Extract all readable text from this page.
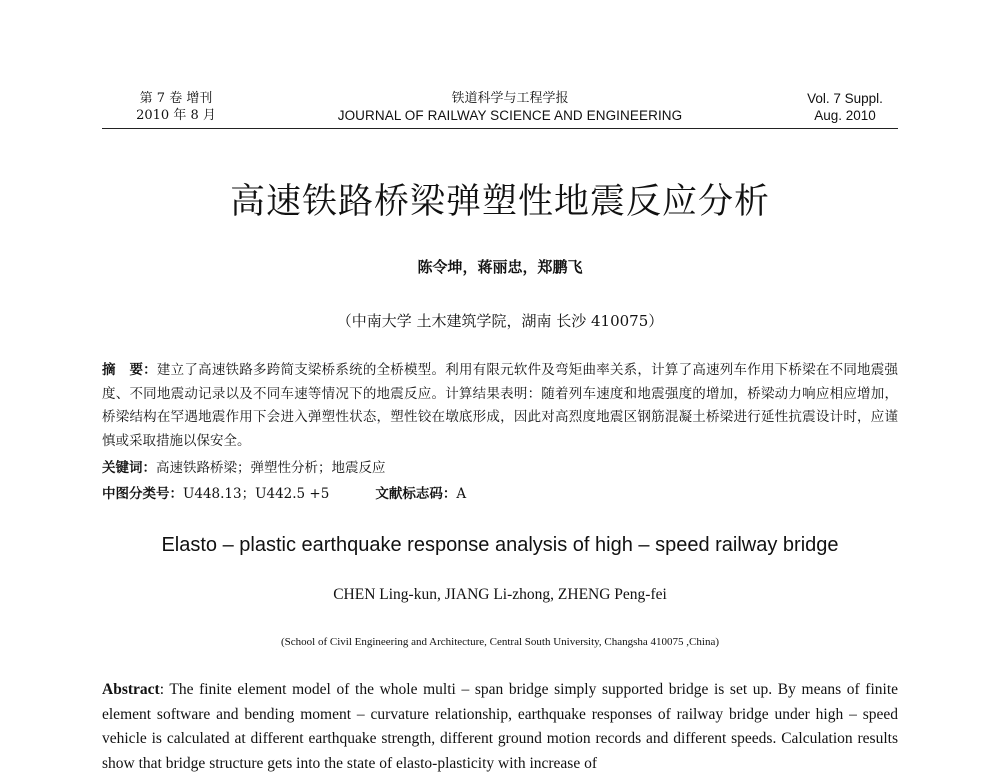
第 7 卷 增刊
2010 年 8 月
铁道科学与工程学报
JOURNAL OF RAILWAY SCIENCE AND ENGINEERING
Vol. 7 Suppl.
Aug. 2010
高速铁路桥梁弹塑性地震反应分析
陈令坤，蒋丽忠，郑鹏飞
（中南大学 土木建筑学院，湖南 长沙 410075）
摘　要：建立了高速铁路多跨简支梁桥系统的全桥模型。利用有限元软件及弯矩曲率关系，计算了高速列车作用下桥梁在不同地震强度、不同地震动记录以及不同车速等情况下的地震反应。计算结果表明：随着列车速度和地震强度的增加，桥梁动力响应相应增加，桥梁结构在罕遇地震作用下会进入弹塑性状态，塑性铰在墩底形成，因此对高烈度地震区钢筋混凝土桥梁进行延性抗震设计时，应谨慎或采取措施以保安全。
关键词：高速铁路桥梁；弹塑性分析；地震反应
中图分类号：U448.13；U442.5 +5	文献标志码：A
Elasto – plastic earthquake response analysis of high – speed railway bridge
CHEN Ling-kun, JIANG Li-zhong, ZHENG Peng-fei
(School of Civil Engineering and Architecture, Central South University, Changsha 410075 ,China)
Abstract: The finite element model of the whole multi – span bridge simply supported bridge is set up. By means of finite element software and bending moment – curvature relationship, earthquake responses of railway bridge under high – speed vehicle is calculated at different earthquake strength, different ground motion records and different speeds. Calculation results show that bridge structure gets into the state of elasto-plasticity with increase of
